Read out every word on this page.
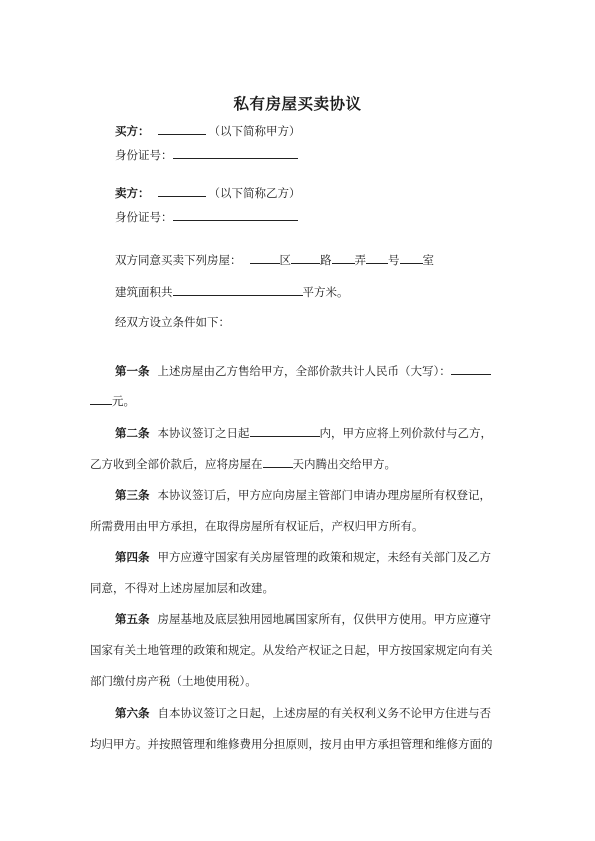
私有房屋买卖协议
买方：	（以下简称甲方）
身份证号：
卖方：	（以下简称乙方）
身份证号：
双方同意买卖下列房屋：	区	路 弄 号 室
建筑面积共	平方米。
经双方设立条件如下：
第一条 上述房屋由乙方售给甲方，全部价款共计人民币（大写）：
元。
第二条 本协议签订之日起	内，甲方应将上列价款付与乙方，
乙方收到全部价款后，应将房屋在	天内腾出交给甲方。
第三条 本协议签订后，甲方应向房屋主管部门申请办理房屋所有权登记，
所需费用由甲方承担，在取得房屋所有权证后，产权归甲方所有。
第四条 甲方应遵守国家有关房屋管理的政策和规定，未经有关部门及乙方
同意，不得对上述房屋加层和改建。
第五条 房屋基地及底层独用园地属国家所有，仅供甲方使用。甲方应遵守
国家有关土地管理的政策和规定。从发给产权证之日起，甲方按国家规定向有关
部门缴付房产税（土地使用税）。
第六条 自本协议签订之日起，上述房屋的有关权利义务不论甲方住进与否
均归甲方。并按照管理和维修费用分担原则，按月由甲方承担管理和维修方面的
